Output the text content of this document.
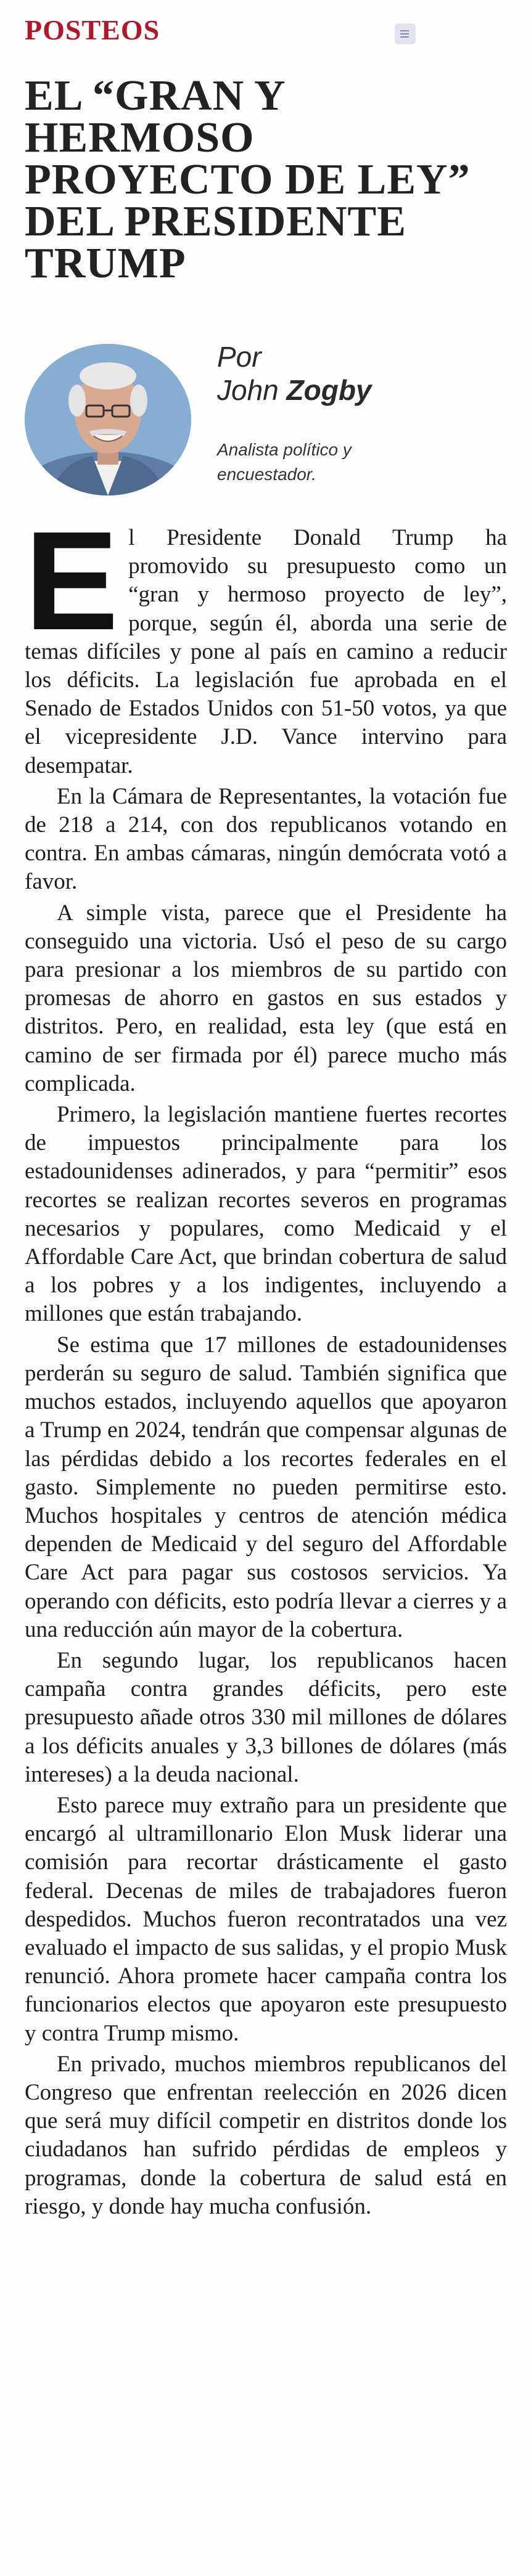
POSTEOS
EL “GRAN Y HERMOSO PROYECTO DE LEY” DEL PRESIDENTE TRUMP
Por
John Zogby
Analista político y encuestador.

El Presidente Donald Trump ha promovido su presupuesto como un “gran y hermoso proyecto de ley”, porque, según él, aborda una serie de temas difíciles y pone al país en camino a reducir los déficits. La legislación fue aprobada en el Senado de Estados Unidos con 51-50 votos, ya que el vicepresidente J.D. Vance intervino para desempatar.

En la Cámara de Representantes, la votación fue de 218 a 214, con dos republicanos votando en contra. En ambas cámaras, ningún demócrata votó a favor.

A simple vista, parece que el Presidente ha conseguido una victoria. Usó el peso de su cargo para presionar a los miembros de su partido con promesas de ahorro en gastos en sus estados y distritos. Pero, en realidad, esta ley (que está en camino de ser firmada por él) parece mucho más complicada.

Primero, la legislación mantiene fuertes recortes de impuestos principalmente para los estadounidenses adinerados, y para “permitir” esos recortes se realizan recortes severos en programas necesarios y populares, como Medicaid y el Affordable Care Act, que brindan cobertura de salud a los pobres y a los indigentes, incluyendo a millones que están trabajando.

Se estima que 17 millones de estadounidenses perderán su seguro de salud. También significa que muchos estados, incluyendo aquellos que apoyaron a Trump en 2024, tendrán que compensar algunas de las pérdidas debido a los recortes federales en el gasto. Simplemente no pueden permitirse esto. Muchos hospitales y centros de atención médica dependen de Medicaid y del seguro del Affordable Care Act para pagar sus costosos servicios. Ya operando con déficits, esto podría llevar a cierres y a una reducción aún mayor de la cobertura.

En segundo lugar, los republicanos hacen campaña contra grandes déficits, pero este presupuesto añade otros 330 mil millones de dólares a los déficits anuales y 3,3 billones de dólares (más intereses) a la deuda nacional.

Esto parece muy extraño para un presidente que encargó al ultramillonario Elon Musk liderar una comisión para recortar drásticamente el gasto federal. Decenas de miles de trabajadores fueron despedidos. Muchos fueron recontratados una vez evaluado el impacto de sus salidas, y el propio Musk renunció. Ahora promete hacer campaña contra los funcionarios electos que apoyaron este presupuesto y contra Trump mismo.

En privado, muchos miembros republicanos del Congreso que enfrentan reelección en 2026 dicen que será muy difícil competir en distritos donde los ciudadanos han sufrido pérdidas de empleos y programas, donde la cobertura de salud está en riesgo, y donde hay mucha confusión.
